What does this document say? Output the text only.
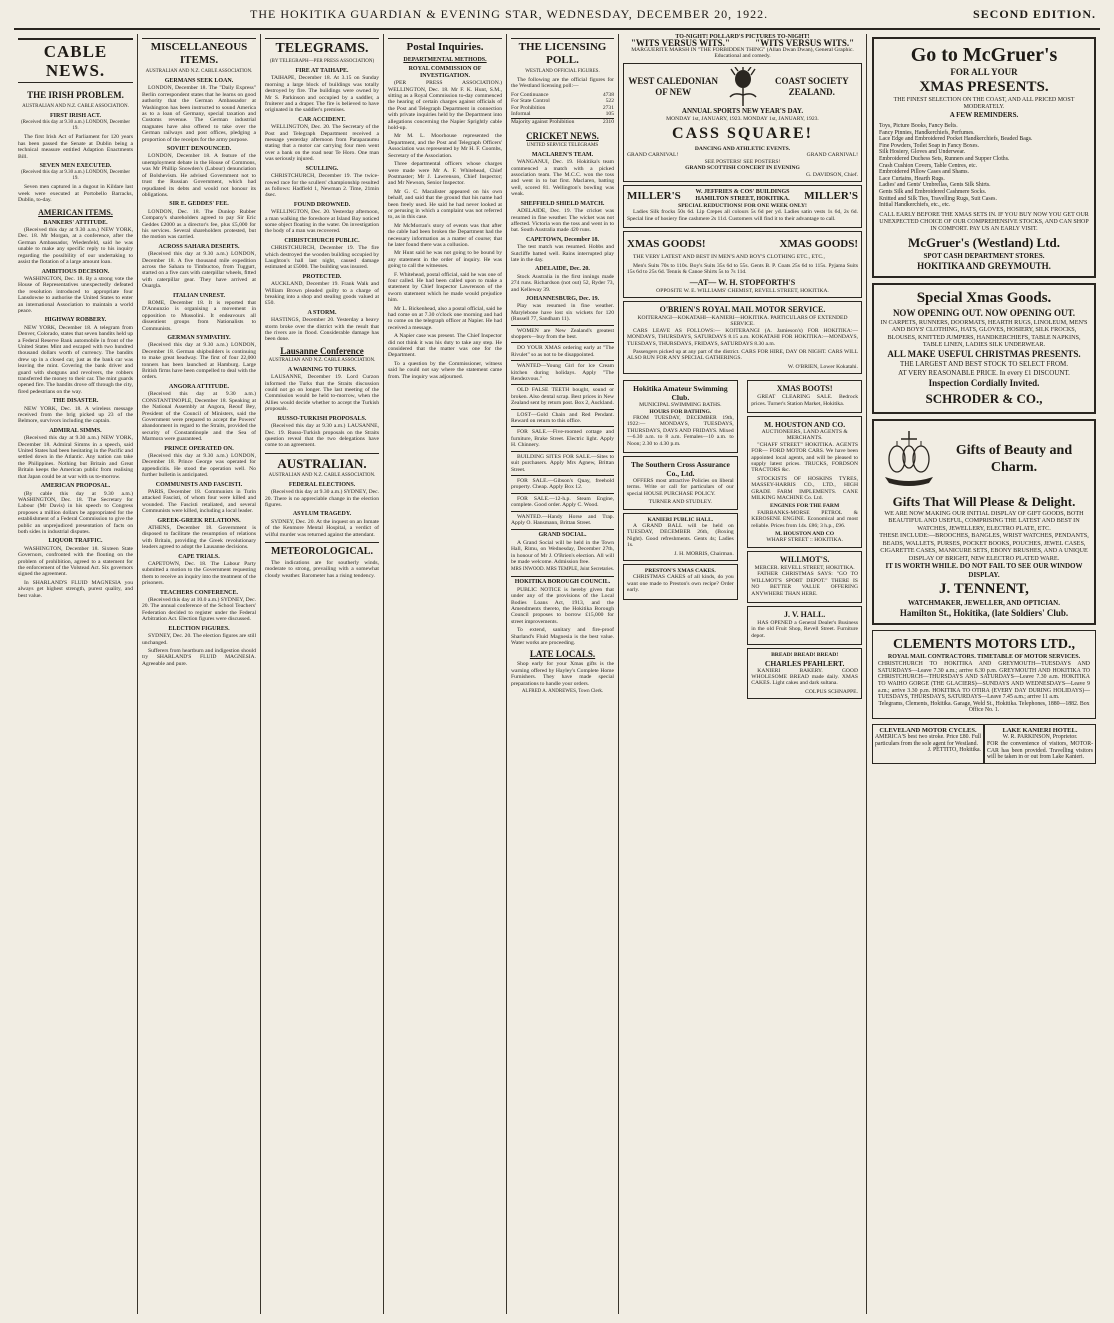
THE HOKITIKA GUARDIAN & EVENING STAR, WEDNESDAY, DECEMBER 20, 1922.	SECOND EDITION.
CABLE NEWS.
THE IRISH PROBLEM.
AUSTRALIAN AND N.Z. CABLE ASSOCIATION.
FIRST IRISH ACT.
(Received this day at 9.30 a.m.) LONDON, December 19.

The first Irish Act of Parliament for 120 years has been passed the Senate at Dublin being a technical measure entitled Adaption Enactments Bill.

SEVEN MEN EXECUTED.
(Received this day at 9.30 a.m.) LONDON, December 19.

Seven men captured in a dugout in Kildare last week were executed at Portobello Barracks, Dublin, to-day.

AMERICAN ITEMS.
BANKERS' ATTITUDE.

(Received this day at 9.30 a.m.) NEW YORK, Dec. 18. Mr Morgan, at a conference, after the German Ambassador, Wiedenfeld, said he was unable to make any specific reply to his inquiry regarding the possibility of our undertaking to assist the flotation of a large amount loan.

AMBITIOUS DECISION.

WASHINGTON, Dec. 18. By a strong vote the House of Representatives unexpectedly defeated the resolution introduced to appropriate four Lansdowne to authorise the United States to enter an international Association to maintain a world peace.

HIGHWAY ROBBERY.

NEW YORK, December 18. A telegram from Denver, Colorado, states that seven bandits held up a Federal Reserve Bank automobile in front of the United States Mint and escaped with two hundred thousand dollars worth of currency. The bandits drew up in a closed car, just as the bank car was leaving the mint. Covering the bank driver and guard with shotguns and revolvers, the robbers transferred the money to their car. The mint guards opened fire. The bandits drove off through the city, fired pedestrians on the way.

THE DISASTER.

NEW YORK, Dec. 18. A wireless message received from the brig picked up 23 of the Belmore, survivors including the captain.

ADMIRAL SIMMS.

(Received this day at 9.30 a.m.) NEW YORK, December 18. Admiral Simms in a speech, said United States had been hesitating in the Pacific and settled down in the Atlantic. Any nation can take the Philippines. Nothing but Britain and Great Britain keeps the American public from realising that Japan could be at war with us to-morrow.

AMERICAN PROPOSAL.

(By cable this day at 9.30 a.m.) WASHINGTON, Dec. 18. The Secretary for Labour (Mr Davis) in his speech to Congress proposes a million dollars be appropriated for the establishment of a Federal Commission to give the public an unprejudiced presentation of facts on both sides in industrial disputes.

LIQUOR TRAFFIC.

WASHINGTON, December 18. Sixteen State Governors, confronted with the flouting on the problem of prohibition, agreed to a statement for the enforcement of the Volstead Act. Six governors signed the agreement.

In SHARLAND'S FLUID MAGNESIA you always get highest strength, purest quality, and best value.

MISCELLANEOUS ITEMS.
AUSTRALIAN AND N.Z. CABLE ASSOCIATION.
GERMANS SEEK LOAN.

LONDON, December 18. The "Daily Express" Berlin correspondent states that he learns on good authority that the German Ambassador at Washington has been instructed to sound America as to a loan of Germany, special taxation and Customs revenue. The German industrial magnates have also offered to take over the German railways and post offices, pledging a proportion of the receipts for the army purpose.

SOVIET DENOUNCED.

LONDON, December 18. A feature of the unemployment debate in the House of Commons, was Mr Phillip Snowden's (Labour) denunciation of Bolshevism. He advised Government not to trust the Russian Government, which had repudiated its debts and would not honour its obligations.

SIR E. GEDDES' FEE.

LONDON, Dec. 18. The Dunlop Rubber Company's shareholders agreed to pay Sir Eric Geddes £2000 as a director's fee, plus £5,000 for his services. Several shareholders protested, but the motion was carried.

ACROSS SAHARA DESERTS.

(Received this day at 9.30 a.m.) LONDON, December 18. A five thousand mile expedition across the Sahara to Timbuctoo, from Tuggurt, started on a five cars with caterpillar wheels, fitted with caterpillar gear. They have arrived at Ouargla.

ITALIAN UNREST.

ROME, December 18. It is reported that D'Annunzio is organising a movement in opposition to Mussolini. It endeavours all dissentient groups from Nationalists to Communists.

GERMAN SYMPATHY.

(Received this day at 9.30 a.m.) LONDON, December 18. German shipbuilders is continuing to make great headway. The first of four 22,000 tonners has been launched at Hamburg. Large British firms have been compelled to deal with the orders.

ANGORA ATTITUDE.

(Received this day at 9.30 a.m.) CONSTANTINOPLE, December 18. Speaking at the National Assembly at Angora, Reouf Bey, President of the Council of Ministers, said the Government were prepared to accept the Powers' abandonment in regard to the Straits, provided the security of Constantinople and the Sea of Marmora were guaranteed.

PRINCE OPERATED ON.

(Received this day at 9.30 a.m.) LONDON, December 18. Prince George was operated for appendicitis. He stood the operation well. No further bulletin is anticipated.

COMMUNISTS AND FASCISTI.

PARIS, December 18. Communists in Turin attacked Fascisti, of whom four were killed and wounded. The Fascisti retaliated, and several Communists were killed, including a local leader.

GREEK-GREEK RELATIONS.

ATHENS, December 18. Government is disposed to facilitate the resumption of relations with Britain, providing the Greek revolutionary leaders agreed to adopt the Lausanne decisions.

CAPE TRIALS.

CAPETOWN, Dec. 18. The Labour Party submitted a motion to the Government requesting them to receive an inquiry into the treatment of the prisoners.

TEACHERS CONFERENCE.

(Received this day at 10.0 a.m.) SYDNEY, Dec. 20. The annual conference of the School Teachers' Federation decided to register under the Federal Arbitration Act. Election figures were discussed.

ELECTION FIGURES.

SYDNEY, Dec. 20. The election figures are still unchanged.

Sufferers from heartburn and indigestion should try SHARLAND'S FLUID MAGNESIA. Agreeable and pure.

TELEGRAMS.
(BY TELEGRAPH—PER PRESS ASSOCIATION)
FIRE AT TAIHAPE.

TAIHAPE, December 18. At 3.15 on Sunday morning a large block of buildings was totally destroyed by fire. The buildings were owned by Mr S. Parkinson and occupied by a saddler, a fruiterer and a draper. The fire is believed to have originated in the saddler's premises.

CAR ACCIDENT.

WELLINGTON, Dec. 20. The Secretary of the Post and Telegraph Department received a message yesterday afternoon from Paraparaumu stating that a motor car carrying four men went over a bank on the road near Te Horo. One man was seriously injured.

SCULLING.

CHRISTCHURCH, December 19. The twice-rowed race for the scullers' championship resulted as follows: Hadfield 1, Newman 2. Time, 21min 4sec.

FOUND DROWNED.

WELLINGTON, Dec. 20. Yesterday afternoon, a man walking the foreshore at Island Bay noticed some object floating in the water. On investigation the body of a man was recovered.

CHRISTCHURCH PUBLIC.

CHRISTCHURCH, December 19. The fire which destroyed the wooden building occupied by Laughton's hall last night, caused damage estimated at £5000. The building was insured.

PROTECTED.

AUCKLAND, December 19. Frank Walk and William Brown pleaded guilty to a charge of breaking into a shop and stealing goods valued at £50.

A STORM.

HASTINGS, December 20. Yesterday a heavy storm broke over the district with the result that the rivers are in flood. Considerable damage has been done.

Lausanne Conference
AUSTRALIAN AND N.Z. CABLE ASSOCIATION.
A WARNING TO TURKS.

LAUSANNE, December 19. Lord Curzon informed the Turks that the Straits discussion could not go on longer. The last meeting of the Commission would be held to-morrow, when the Allies would decide whether to accept the Turkish proposals.

RUSSO-TURKISH PROPOSALS.

(Received this day at 9.30 a.m.) LAUSANNE, Dec. 19. Russo-Turkish proposals on the Straits question reveal that the two delegations have come to an agreement.

AUSTRALIAN.
AUSTRALIAN AND N.Z. CABLE ASSOCIATION.
FEDERAL ELECTIONS.

(Received this day at 9.30 a.m.) SYDNEY, Dec. 20. There is no appreciable change in the election figures.

ASYLUM TRAGEDY.

SYDNEY, Dec. 20. At the inquest on an Inmate of the Kenmore Mental Hospital, a verdict of wilful murder was returned against the attendant.

METEOROLOGICAL.

The indications are for southerly winds, moderate to strong, prevailing with a somewhat cloudy weather. Barometer has a rising tendency.

Postal Inquiries.
DEPARTMENTAL METHODS.
ROYAL COMMISSION OF INVESTIGATION.

(PER PRESS ASSOCIATION.) WELLINGTON, Dec. 18. Mr F. K. Hunt, S.M., sitting as a Royal Commission to-day commenced the hearing of certain charges against officials of the Post and Telegraph Department in connection with private inquiries held by the Department into allegations concerning the Napier Sprightly cable hold-up.

Mr M. L. Moorhouse represented the Department, and the Post and Telegraph Officers' Association was represented by Mr H. F. Coombs, Secretary of the Association.

Three departmental officers whose charges were made were Mr A. F. Whitehead, Chief Postmaster; Mr J. Lawrenson, Chief Inspector; and Mr Newson, Senior Inspector.

Mr G. C. Macalister appeared on his own behalf, and said that the ground that his name had been freely used. He said he had never looked at or perusing in which a complaint was not referred to, as in this case.

Mr McMorran's story of events was that after the cable had been broken the Department had the necessary information as a matter of course; that he later found there was a collusion.

Mr Hunt said he was not going to be bound by any statement in the order of inquiry. He was going to call the witnesses.

F. Whitehead, postal official, said he was one of four called. He had been called upon to make a statement by Chief Inspector Lawrenson of the sworn statement which he made would prejudice him.

Mr L. Bickenhead, also a postal official, said he had come on at 7.30 o'clock one morning and had to come on the telegraph officer at Napier. He had received a message.

A Napier case was present. The Chief Inspector did not think it was his duty to take any step. He considered that the matter was one for the Department.

To a question by the Commissioner, witness said he could not say where the statement came from. The inquiry was adjourned.

THE LICENSING POLL.
WESTLAND OFFICIAL FIGURES.

The following are the official figures for the Westland licensing poll:—

For Continuance	4738
For State Control	522
For Prohibition	2731
Informal	105
Majority against Prohibition	2310
CRICKET NEWS.
UNITED SERVICE TELEGRAMS
MACLAREN'S TEAM.

WANGANUI, Dec. 19. Hokitika's team commenced a match with a picked association team. The M.C.C. won the toss and went in to bat first. Maclaren, batting well, scored 81. Wellington's bowling was weak.

SHEFFIELD SHIELD MATCH.

ADELAIDE, Dec. 19. The cricket was resumed in fine weather. The wicket was not affected. Victoria won the toss and went in to bat. South Australia made 420 runs.

CAPETOWN, December 18.

The test match was resumed. Hobbs and Sutcliffe batted well. Rains interrupted play late in the day.

ADELAIDE, Dec. 20.

Stock Australia in the first innings made 274 runs. Richardson (not out) 52, Ryder 73, and Kelleway 39.

JOHANNESBURG, Dec. 19.

Play was resumed in fine weather. Marylebone have lost six wickets for 120 (Russell 77, Sandham 11).

WOMEN are New Zealand's greatest shoppers—buy from the best.

DO YOUR XMAS ordering early at "The Rivulet" so as not to be disappointed.

WANTED—Young Girl for lce Cream kitchen during holidays. Apply "The Rendezvous."

OLD FALSE TEETH bought, sound or broken. Also dental scrap. Best prices in New Zealand sent by return post. Box 2, Auckland.

LOST—Gold Chain and Red Pendant. Reward on return to this office.

FOR SALE.—Five-roomed cottage and furniture, Brake Street. Electric light. Apply H. Chinnery.

BUILDING SITES FOR SALE.—Sites to suit purchasers. Apply Mrs Agnew, Brittan Street.

FOR SALE.—Gibson's Quay, freehold property. Cheap. Apply Box 12.

FOR SALE.—12-h.p. Steam Engine, complete. Good order. Apply C. Wood.

WANTED.—Handy Horse and Trap. Apply O. Hansmann, Brittan Street.

GRAND SOCIAL.

A Grand Social will be held in the Town Hall, Rimu, on Wednesday, December 27th, in honour of Mr J. O'Brien's election. All will be made welcome. Admission free.

MRS INWOOD. MRS TEMPLE, Joint Secretaries.
HOKITIKA BOROUGH COUNCIL.

PUBLIC NOTICE is hereby given that under any of the provisions of the Local Bodies Loans Act, 1913, and the Amendments thereto, the Hokitika Borough Council proposes to borrow £15,000 for street improvements.

To extend, sanitary and fire-proof Sharland's Fluid Magnesia is the best value. Water works are proceeding.

LATE LOCALS.

Shop early for your Xmas gifts is the warning offered by Hayley's Complete Home Furnishers. They have made special preparations to handle your orders.

ALFRED A. ANDREWES, Town Clerk.
TO-NIGHT! POLLARD'S PICTURES TO-NIGHT!
"WITS VERSUS WITS."	"WITS VERSUS WITS."
MARGUERITE MARSH IN "THE FORBIDDEN THING" (Allan Dwan Dwan), General Graphic. Educational and comedy.
WEST CALEDONIAN OF NEW
COAST SOCIETY ZEALAND.
ANNUAL SPORTS NEW YEAR'S DAY.
MONDAY 1st, JANUARY, 1923. MONDAY 1st, JANUARY, 1923.
CASS SQUARE!
DANCING AND ATHLETIC EVENTS.
GRAND CARNIVAL!	GRAND CARNIVAL!
SEE POSTERS! SEE POSTERS!
GRAND SCOTTISH CONCERT IN EVENING
G. DAVIDSON, Chief.
MILLER'S	W. JEFFRIES & COS' BUILDINGS HAMILTON STREET, HOKITIKA.	MILLER'S
SPECIAL REDUCTIONS! FOR ONE WEEK ONLY!

Ladies Silk frocks 50s 6d. Lip Crepes all colours 5s 6d per yd. Ladies satin vests 1s 6d, 2s 6d. Special line of hosiery fine cashmere 2s 11d. Customers will find it to their advantage to call.

XMAS GOODS!	XMAS GOODS!

THE VERY LATEST AND BEST IN MEN'S AND BOY'S CLOTHING ETC., ETC.,

Men's Suits 70s to 110s. Boy's Suits 35s 6d to 55s. Gents B. P. Coats 25s 6d to 115s. Pyjama Suits 15s 6d to 25s 6d. Tennis & Canoe Shirts 5s to 7s 11d.

—AT— W. H. STOPFORTH'S
OPPOSITE W. E. WILLIAMS' CHEMIST, REVELL STREET, HOKITIKA.
O'BRIEN'S ROYAL MAIL MOTOR SERVICE.
KOITERANGI—KOKATAHI—KANIERI—HOKITIKA. PARTICULARS OF EXTENDED SERVICE.

CARS LEAVE AS FOLLOWS:— KOITERANGI (A. Jamieson's) FOR HOKITIKA:—MONDAYS, THURSDAYS, SATURDAYS 8.15 a.m. KOKATAHI FOR HOKITIKA:—MONDAYS, TUESDAYS, THURSDAYS, FRIDAYS, SATURDAYS 8.30 a.m.

Passengers picked up at any part of the district. CARS FOR HIRE, DAY OR NIGHT. CARS WILL ALSO RUN FOR ANY SPECIAL GATHERINGS.

W. O'BRIEN, Lower Kokatahi.
Hokitika Amateur Swimming Club.
MUNICIPAL SWIMMING BATHS.
HOURS FOR BATHING.

FROM TUESDAY, DECEMBER 19th, 1922:— MONDAYS, TUESDAYS, THURSDAYS, DAYS AND FRIDAYS. Mixed—6.30 a.m. to 8 a.m. Females—10 a.m. to Noon; 2.30 to 4.30 p.m.

The Southern Cross Assurance Co., Ltd.

OFFERS most attractive Policies on liberal terms. Write or call for particulars of our special HOUSE PURCHASE POLICY.

TURNER AND STUDLEY.
KANIERI PUBLIC HALL.

A GRAND BALL will be held on TUESDAY, DECEMBER 26th, (Boxing Night). Good refreshments. Gents 4s; Ladies 1s.

J. H. MORRIS, Chairman.
PRESTON'S XMAS CAKES.

CHRISTMAS CAKES of all kinds, do you want one made to Preston's own recipe? Order early.

XMAS BOOTS!

GREAT CLEARING SALE. Bedrock prices. Turner's Station Market, Hokitika.

M. HOUSTON AND CO.
AUCTIONEERS, LAND AGENTS & MERCHANTS.

"CHAFF STREET" HOKITIKA. AGENTS FOR— FORD MOTOR CARS. We have been appointed local agents, and will be pleased to supply latest prices. TRUCKS, FORDSON TRACTORS &c.

STOCKISTS OF HOSKINS TYRES, MASSEY-HARRIS CO., LTD., HIGH GRADE FARM IMPLEMENTS. CANE MILKING MACHINE Co. Ltd.

ENGINES FOR THE FARM

FAIRBANKS-MORSE PETROL & KEROSENE ENGINE. Economical and most reliable. Prices from 14s. £86; 3 h.p., £96.

M. HOUSTON AND CO
WHARF STREET :: HOKITIKA.
WILLMOT'S.
MERCER. REVELL STREET, HOKITIKA.

FATHER CHRISTMAS SAYS: "GO TO WILLMOT'S SPORT DEPOT." THERE IS NO BETTER VALUE OFFERING ANYWHERE THAN HERE.

J. V. HALL.

HAS OPENED a General Dealer's Business in the old Fruit Shop, Revell Street. Furniture depot.

BREAD! BREAD! BREAD!
CHARLES PFAHLERT.

KANIERI BAKERY. GOOD WHOLESOME BREAD made daily. XMAS CAKES. Light cakes and dark sultana.

COLPUS SCHNAPPE.
Go to McGruer's
FOR ALL YOUR
XMAS PRESENTS.
THE FINEST SELECTION ON THE COAST, AND ALL PRICED MOST MODERATELY.
A FEW REMINDERS.
Toys, Picture Books, Fancy Belts.
Fancy Pinnies, Handkerchiefs, Perfumes.
Lace Edge and Embroidered Pocket Handkerchiefs, Beaded Bags.
Fine Powders, Toilet Soap in Fancy Boxes.
Silk Hosiery, Gloves and Underwear.
Embroidered Duchess Sets, Runners and Supper Cloths.
Crash Cushion Covers, Table Centres, etc.
Embroidered Pillow Cases and Shams.
Lace Curtains, Hearth Rugs.
Ladies' and Gents' Umbrellas, Gents Silk Shirts.
Gents Silk and Embroidered Cashmere Socks.
Knitted and Silk Ties, Travelling Rugs, Suit Cases.
Initial Handkerchiefs, etc., etc.
CALL EARLY BEFORE THE XMAS SETS IN. IF YOU BUY NOW YOU GET OUR UNEXPECTED CHOICE OF OUR COMPREHENSIVE STOCKS, AND CAN SHOP IN COMFORT. PAY US AN EARLY VISIT.
McGruer's (Westland) Ltd.
SPOT CASH DEPARTMENT STORES.
HOKITIKA AND GREYMOUTH.
Special Xmas Goods.
NOW OPENING OUT. NOW OPENING OUT.
IN CARPETS, RUNNERS, DOORMATS, HEARTH RUGS, LINOLEUM, MEN'S AND BOYS' CLOTHING, HATS, GLOVES, HOSIERY, SILK FROCKS, BLOUSES, KNITTED JUMPERS, HANDKERCHIEFS, TABLE NAPKINS, TABLE LINEN, LADIES SILK UNDERWEAR.
ALL MAKE USEFUL CHRISTMAS PRESENTS.
THE LARGEST AND BEST STOCK TO SELECT FROM.
AT VERY REASONABLE PRICE. In every £1 DISCOUNT.
Inspection Cordially Invited.
SCHRODER & CO.,
Gifts of Beauty and Charm.
Gifts That Will Please & Delight.
WE ARE NOW MAKING OUR INITIAL DISPLAY OF GIFT GOODS, BOTH BEAUTIFUL AND USEFUL, COMPRISING THE LATEST AND BEST IN WATCHES, JEWELLERY, ELECTRO PLATE, ETC.
THESE INCLUDE:—BROOCHES, BANGLES, WRIST WATCHES, PENDANTS, BEADS, WALLETS, PURSES, POCKET BOOKS, POUCHES, JEWEL CASES, CIGARETTE CASES, MANICURE SETS, EBONY BRUSHES, AND A UNIQUE DISPLAY OF BRIGHT, NEW ELECTRO PLATED WARE.
IT IS WORTH WHILE. DO NOT FAIL TO SEE OUR WINDOW DISPLAY.
J. TENNENT,
WATCHMAKER, JEWELLER, AND OPTICIAN.
Hamilton St., Hokitika, (late Soldiers' Club.
CLEMENTS MOTORS LTD.,
ROYAL MAIL CONTRACTORS. TIMETABLE OF MOTOR SERVICES.
CHRISTCHURCH TO HOKITIKA AND GREYMOUTH—TUESDAYS AND SATURDAYS—Leave 7.30 a.m.; arrive 6.30 p.m. GREYMOUTH AND HOKITIKA TO CHRISTCHURCH—THURSDAYS AND SATURDAYS—Leave 7.30 a.m. HOKITIKA TO WAIHO GORGE (THE GLACIERS)—SUNDAYS AND WEDNESDAYS—Leave 9 a.m.; arrive 3.30 p.m. HOKITIKA TO OTIRA (EVERY DAY DURING HOLIDAYS)—TUESDAYS, THURSDAYS, SATURDAYS—Leave 7.45 a.m.; arrive 11 a.m.
Telegrams, Clements, Hokitika. Garage, Weld St., Hokitika. Telephones, 1880—1882. Box Office No. 1.
CLEVELAND MOTOR CYCLES.
AMERICA'S best two stroke. Price £80. Full particulars from the sole agent for Westland.
J. PETTITO, Hokitika.
LAKE KANIERI HOTEL.
W. R. PARKINSON, Proprietor.
FOR the convenience of visitors, MOTOR-CAR has been provided. Travelling visitors will be taken in or out from Lake Kanieri.
